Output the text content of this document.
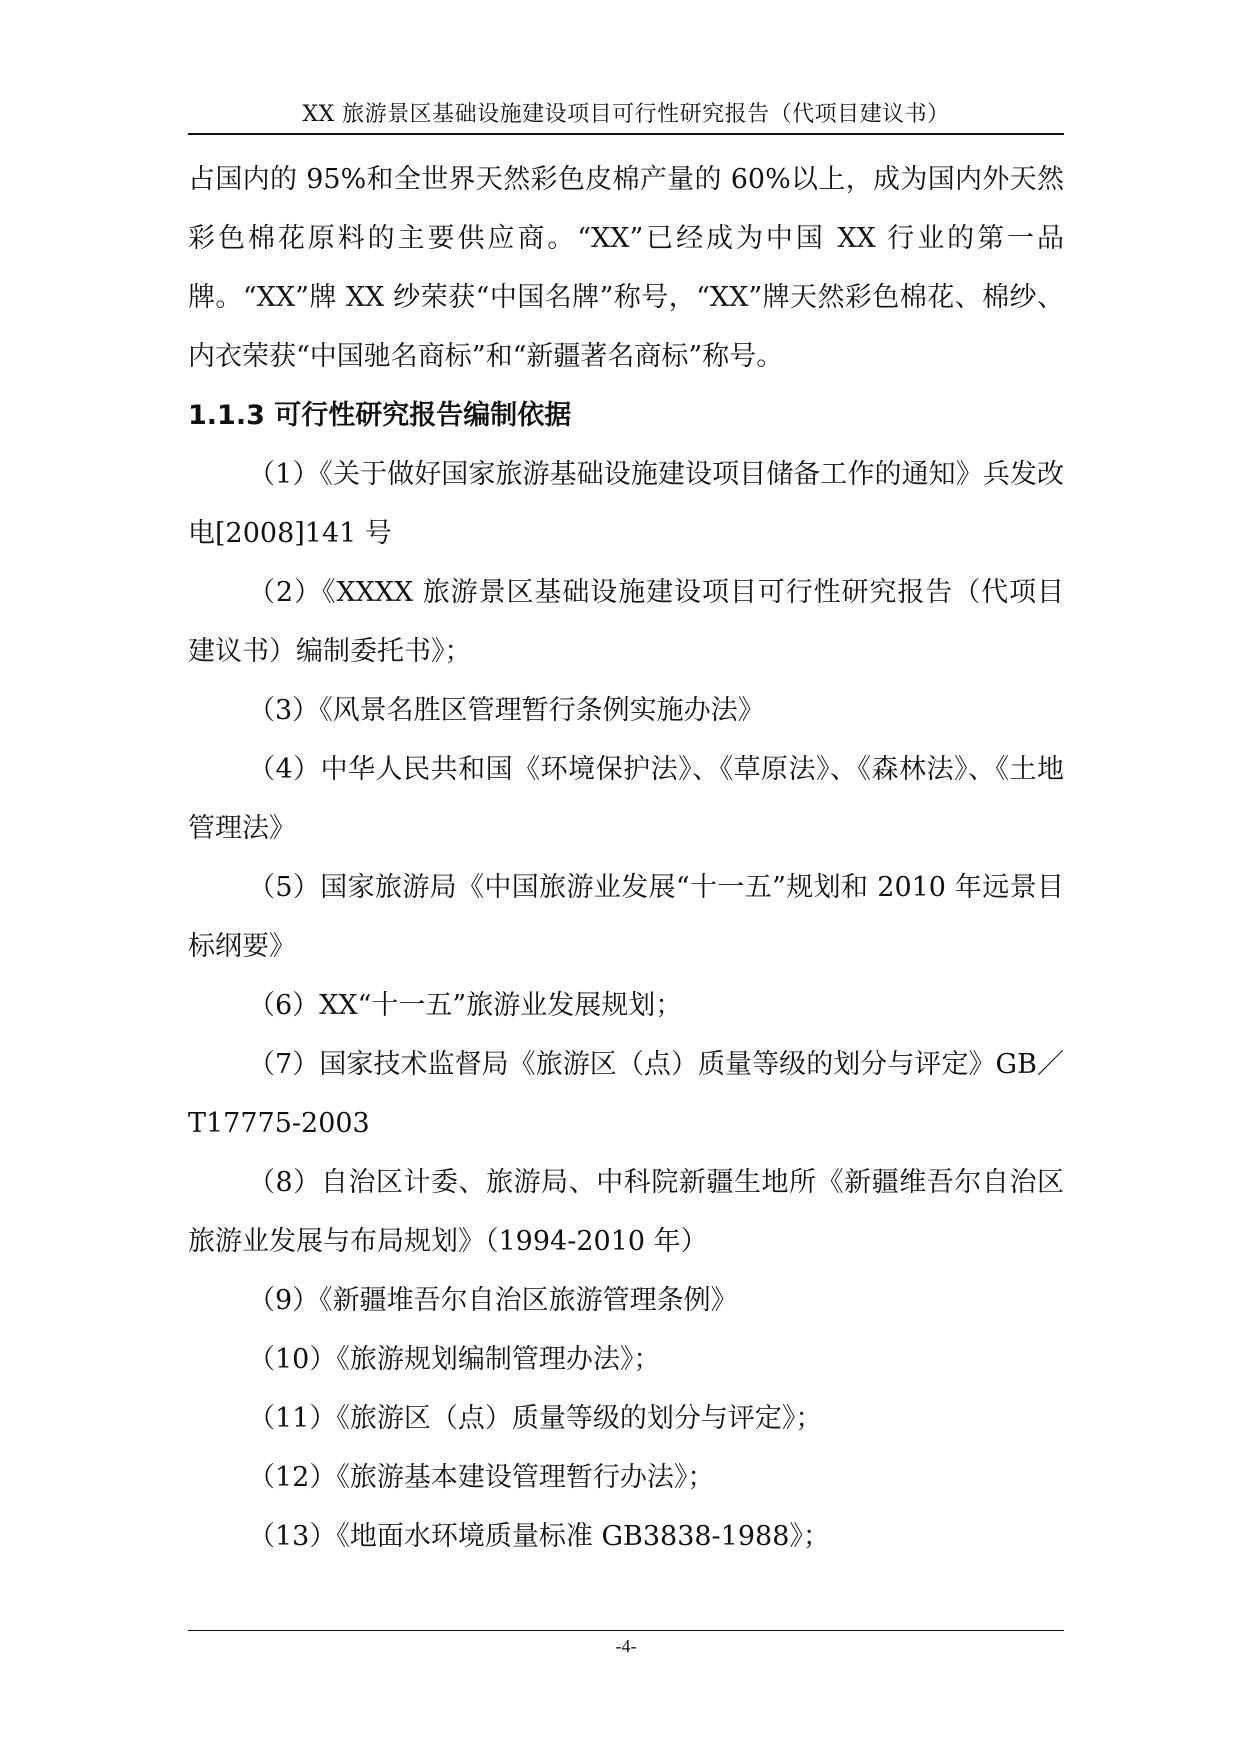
XX 旅游景区基础设施建设项目可行性研究报告（代项目建议书）

占国内的 95%和全世界天然彩色皮棉产量的 60%以上，成为国内外天然彩色棉花原料的主要供应商。“XX”已经成为中国 XX 行业的第一品牌。“XX”牌 XX 纱荣获“中国名牌”称号，“XX”牌天然彩色棉花、棉纱、内衣荣获“中国驰名商标”和“新疆著名商标”称号。

1.1.3 可行性研究报告编制依据

（1）《关于做好国家旅游基础设施建设项目储备工作的通知》兵发改电[2008]141 号

（2）《XXXX 旅游景区基础设施建设项目可行性研究报告（代项目建议书）编制委托书》；

（3）《风景名胜区管理暂行条例实施办法》

（4）中华人民共和国《环境保护法》、《草原法》、《森林法》、《土地管理法》

（5）国家旅游局《中国旅游业发展“十一五”规划和 2010 年远景目标纲要》

（6）XX“十一五”旅游业发展规划；

（7）国家技术监督局《旅游区（点）质量等级的划分与评定》GB／T17775-2003

（8）自治区计委、旅游局、中科院新疆生地所《新疆维吾尔自治区旅游业发展与布局规划》（1994-2010 年）

（9）《新疆堆吾尔自治区旅游管理条例》

（10）《旅游规划编制管理办法》；

（11）《旅游区（点）质量等级的划分与评定》；

（12）《旅游基本建设管理暂行办法》；

（13）《地面水环境质量标准 GB3838-1988》；

-4-
